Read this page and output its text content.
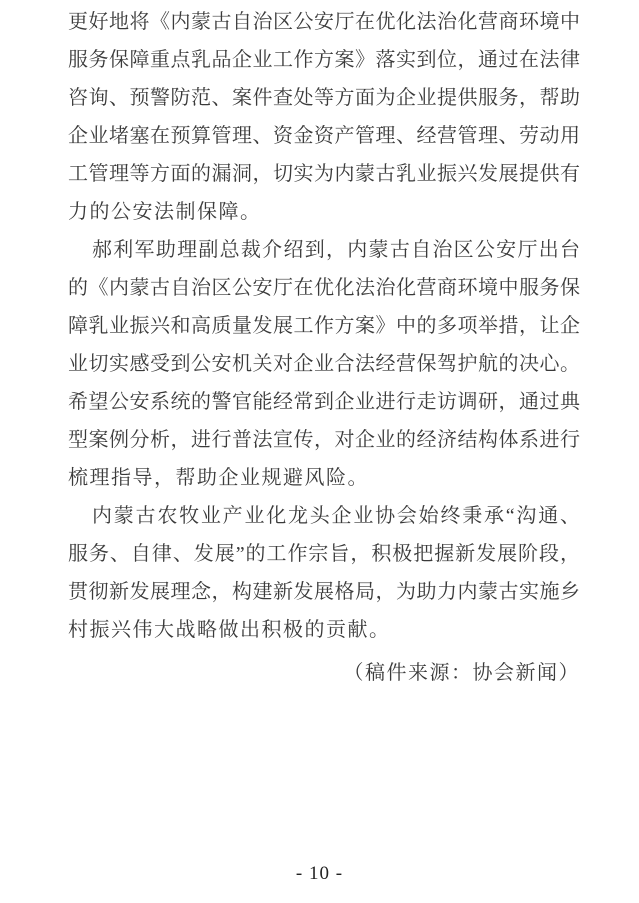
更好地将《内蒙古自治区公安厅在优化法治化营商环境中
服务保障重点乳品企业工作方案》落实到位，通过在法律
咨询、预警防范、案件查处等方面为企业提供服务，帮助
企业堵塞在预算管理、资金资产管理、经营管理、劳动用
工管理等方面的漏洞，切实为内蒙古乳业振兴发展提供有
力的公安法制保障。
郝利军助理副总裁介绍到，内蒙古自治区公安厅出台
的《内蒙古自治区公安厅在优化法治化营商环境中服务保
障乳业振兴和高质量发展工作方案》中的多项举措，让企
业切实感受到公安机关对企业合法经营保驾护航的决心。
希望公安系统的警官能经常到企业进行走访调研，通过典
型案例分析，进行普法宣传，对企业的经济结构体系进行
梳理指导，帮助企业规避风险。
内蒙古农牧业产业化龙头企业协会始终秉承“沟通、
服务、自律、发展”的工作宗旨，积极把握新发展阶段，
贯彻新发展理念，构建新发展格局，为助力内蒙古实施乡
村振兴伟大战略做出积极的贡献。
（稿件来源：协会新闻）
- 10 -
